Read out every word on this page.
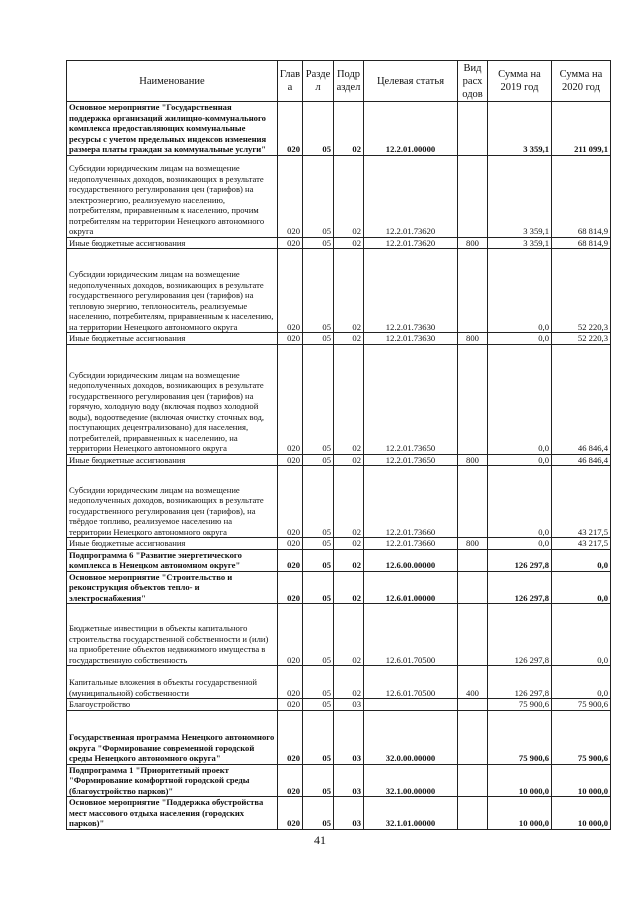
Наименование	Глав а	Разде л	Подр аздел	Целевая статья	Вид расх одов	Сумма на 2019 год	Сумма на 2020 год
Основное мероприятие "Государственная поддержка организаций жилищно-коммунального комплекса предоставляющих коммунальные ресурсы с учетом предельных индексов изменения размера платы граждан за коммунальные услуги"	020	05	02	12.2.01.00000		3 359,1	211 099,1
Субсидии юридическим лицам на возмещение недополученных доходов, возникающих в результате государственного регулирования цен (тарифов) на электроэнергию, реализуемую населению, потребителям, приравненным к населению, прочим потребителям на территории Ненецкого автономного округа	020	05	02	12.2.01.73620		3 359,1	68 814,9
Иные бюджетные ассигнования	020	05	02	12.2.01.73620	800	3 359,1	68 814,9
Субсидии юридическим лицам на возмещение недополученных доходов, возникающих в результате государственного регулирования цен (тарифов) на тепловую энергию, теплоноситель, реализуемые населению, потребителям, приравненным к населению, на территории Ненецкого автономного округа	020	05	02	12.2.01.73630		0,0	52 220,3
Иные бюджетные ассигнования	020	05	02	12.2.01.73630	800	0,0	52 220,3
Субсидии юридическим лицам на возмещение недополученных доходов, возникающих в результате государственного регулирования цен (тарифов) на горячую, холодную воду (включая подвоз холодной воды), водоотведение (включая очистку сточных вод, поступающих децентрализовано) для населения, потребителей, приравненных к населению, на территории Ненецкого автономного округа	020	05	02	12.2.01.73650		0,0	46 846,4
Иные бюджетные ассигнования	020	05	02	12.2.01.73650	800	0,0	46 846,4
Субсидии юридическим лицам на возмещение недополученных доходов, возникающих в результате государственного регулирования цен (тарифов), на твёрдое топливо, реализуемое населению на территории Ненецкого автономного округа	020	05	02	12.2.01.73660		0,0	43 217,5
Иные бюджетные ассигнования	020	05	02	12.2.01.73660	800	0,0	43 217,5
Подпрограмма 6 "Развитие энергетического комплекса в Ненецком автономном округе"	020	05	02	12.6.00.00000		126 297,8	0,0
Основное мероприятие "Строительство и реконструкция объектов тепло- и электроснабжения"	020	05	02	12.6.01.00000		126 297,8	0,0
Бюджетные инвестиции в объекты капитального строительства государственной собственности и (или) на приобретение объектов недвижимого имущества в государственную собственность	020	05	02	12.6.01.70500		126 297,8	0,0
Капитальные вложения в объекты государственной (муниципальной) собственности	020	05	02	12.6.01.70500	400	126 297,8	0,0
Благоустройство	020	05	03			75 900,6	75 900,6
Государственная программа Ненецкого автономного округа "Формирование современной городской среды Ненецкого автономного округа"	020	05	03	32.0.00.00000		75 900,6	75 900,6
Подпрограмма 1 "Приоритетный проект "Формирование комфортной городской среды (благоустройство парков)"	020	05	03	32.1.00.00000		10 000,0	10 000,0
Основное мероприятие "Поддержка обустройства мест массового отдыха населения (городских парков)"	020	05	03	32.1.01.00000		10 000,0	10 000,0
41
